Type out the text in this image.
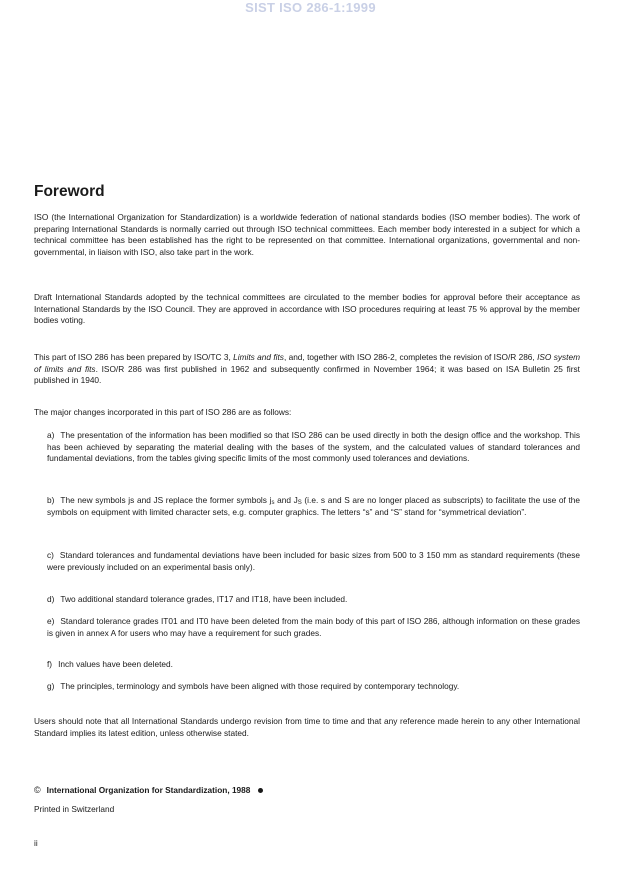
SIST ISO 286-1:1999
Foreword

ISO (the International Organization for Standardization) is a worldwide federation of national standards bodies (ISO member bodies). The work of preparing International Standards is normally carried out through ISO technical committees. Each member body interested in a subject for which a technical committee has been established has the right to be represented on that committee. International organizations, governmental and non-governmental, in liaison with ISO, also take part in the work.

Draft International Standards adopted by the technical committees are circulated to the member bodies for approval before their acceptance as International Standards by the ISO Council. They are approved in accordance with ISO procedures requiring at least 75 % approval by the member bodies voting.

This part of ISO 286 has been prepared by ISO/TC 3, Limits and fits, and, together with ISO 286-2, completes the revision of ISO/R 286, ISO system of limits and fits. ISO/R 286 was first published in 1962 and subsequently confirmed in November 1964; it was based on ISA Bulletin 25 first published in 1940.

The major changes incorporated in this part of ISO 286 are as follows:

a) The presentation of the information has been modified so that ISO 286 can be used directly in both the design office and the workshop. This has been achieved by separating the material dealing with the bases of the system, and the calculated values of standard tolerances and fundamental deviations, from the tables giving specific limits of the most commonly used tolerances and deviations.

b) The new symbols js and JS replace the former symbols $j_s$ and $J_S$ (i.e. s and S are no longer placed as subscripts) to facilitate the use of the symbols on equipment with limited character sets, e.g. computer graphics. The letters “s” and “S” stand for “symmetrical deviation”.

c) Standard tolerances and fundamental deviations have been included for basic sizes from 500 to 3 150 mm as standard requirements (these were previously included on an experimental basis only).

d) Two additional standard tolerance grades, IT17 and IT18, have been included.

e) Standard tolerance grades IT01 and IT0 have been deleted from the main body of this part of ISO 286, although information on these grades is given in annex A for users who may have a requirement for such grades.

f) Inch values have been deleted.

g) The principles, terminology and symbols have been aligned with those required by contemporary technology.

Users should note that all International Standards undergo revision from time to time and that any reference made herein to any other International Standard implies its latest edition, unless otherwise stated.

© International Organization for Standardization, 1988
Printed in Switzerland
ii
